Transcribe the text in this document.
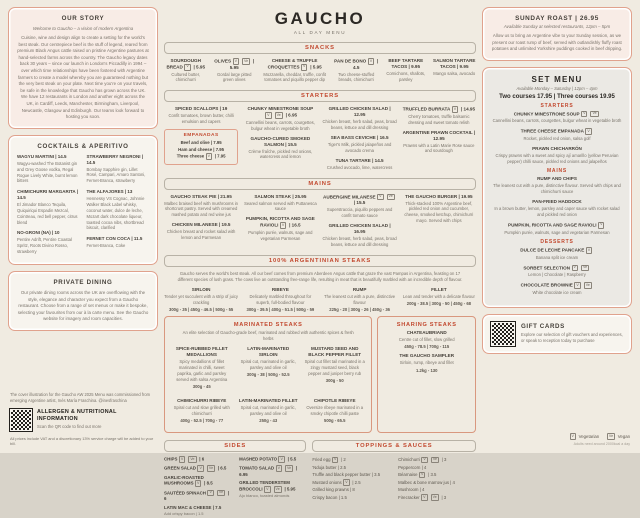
OUR STORY
Welcome to Gaucho – a vision of modern Argentina
Cuisine, wine and design align to create a setting for the world's best steak. Our centrepiece beef is the stuff of legend, reared from premium Black Angus cattle raised on pristine Argentine pastures at hand-selected farms across the country. The Gaucho legacy dates back 30 years – since our launch in London's Piccadilly in 1994 – over which time relationships have been fostered with Argentine farmers to create a model whereby you are guaranteed nothing but the very best steak on your plate. Next time you're on your travels, be safe in the knowledge that Gaucho has grown across the UK. We have 12 restaurants in London and another eight across the UK, in Cardiff, Leeds, Manchester, Birmingham, Liverpool, Newcastle, Glasgow and Edinburgh. Our teams look forward to hosting you soon.
COCKTAILS & APERITIVO
WAGYU MARTINI | 14.5
Wagyu-washed The Botanist gin and Grey Goose vodka, Regal Rogue Lively White, burnt lemon bitters
CHIMICHURRI MARGARITA | 14.5
El Jimador Blanco Tequila, Quiquiriqui Espadin Mezcal, Cointreau, red bell pepper, citrus blend
NO-GRONI (NA) | 10
Pentire Adrift, Pentire Coastal Spritz, Roots Divino Rosso, strawberry
STRAWBERRY NEGRONI | 14.5
Bombay Sapphire gin, Lillet Rosé, Campari, Amaro Santoni, Fernet-Branca, strawberry
THE ALFAJORES | 13
Hennessy VS Cognac, Johnnie Walker Black Label whisky, coconut water, dulce de leche, Mozart dark chocolate liqueur, toasted cocoa nibs, shortbread biscuit, clarified
FERNET CON COCA | 11.5
Fernet-Branca, Coke
PRIVATE DINING
Our private dining rooms across the UK are overflowing with the style, elegance and character you expect from a Gaucho restaurant. Choose from a range of set menus or make it bespoke, selecting your favourites from our à la carte menu. See the Gaucho website for imagery and room capacities.
The cover illustration for the Gaucho AW 2025 Menu was commissioned from emerging Argentine artist, Inés María Fraschina. @inesfraschina
ALLERGEN & NUTRITIONAL INFORMATION
Scan the QR code to find out more
All prices include VAT and a discretionary 13% service charge will be added to your bill.
GAUCHO
ALL DAY MENU
SNACKS
SOURDOUGH BREAD V | 5.95
Cultured butter, chimichurri
OLIVES V Ve | 5.95
Gordal large pitted green olives
CHEESE & TRUFFLE CROQUETTES V | 5.95
Mozzarella, cheddar, truffle, confit tomatoes and piquillo pepper dip
PAN DE BONO V | 4.5
Two cheese-stuffed breads, chimichurri
BEEF TARTARE TACOS | 9.95
Cornichons, shallots, parsley
SALMON TARTARE TACOS | 9.95
Mango salsa, avocado
STARTERS
SPICED SCALLOPS | 19
Confit tomatoes, brown butter, chilli emulsion and capers
EMPANADAS
Beef and olive | 7.95
Ham and cheese | 7.95
Three cheese V | 7.95
CHUNKY MINESTRONE SOUPV Ve | 6.95
Cannellini beans, carrots, courgettes, bulgur wheat in vegetable broth
GAUCHO-CURED SMOKED SALMON | 15.5
Crème fraîche, pickled red onions, watercress and lemon
GRILLED CHICKEN SALAD | 12.95
Chicken breast, herb salad, peas, broad beans, lettuce and dill dressing
SEA BASS CEVICHE | 16.5
Tiger's Milk, pickled jalapeños and avocado crema
TUNA TARTARE | 14.5
Crushed avocado, lime, watercress
TRUFFLED BURRATA V | 14.95
Cherry tomatoes, truffle balsamic dressing and sweet tomato relish
ARGENTINE PRAWN COCKTAIL | 12.95
Prawns with a Latin Marie Rose sauce and sourdough
MAINS
GAUCHO STEAK PIE | 21.95
Malbec braised beef with mushrooms in shortcrust pastry. Served with creamed mashed potato and red wine jus
CHICKEN MILANESE | 19.5
Chicken breast and rocket salad with lemon and Parmesan
SALMON STEAK | 25.95
Seared salmon served with Puttanesca sauce
PUMPKIN, RICOTTA AND SAGE RAVIOLI V | 16.5
Pumpkin purée, walnuts, sage and vegetarian Parmesan
AUBERGINE MILANESE V Ve | 15.5
Superstraccia, piquillo peppers and confit tomato sauce
GRILLED CHICKEN SALAD | 16.95
Chicken breast, herb salad, peas, broad beans, lettuce and dill dressing
THE GAUCHO BURGER | 19.95
Thick-stacked 100% Argentine beef, pickled red onion and cucumber, cheese, smoked ketchup, chimichurri mayo. Served with chips
100% ARGENTINIAN STEAKS
Gaucho serves the world's best steak. All our beef comes from premium Aberdeen Angus cattle that graze the vast Pampas in Argentina, feasting on 17 different species of lush grass. The cows live an outstanding free-range life, resulting in meat that is beautifully marbled with an incredible depth of flavour.
SIRLOIN
Tender yet succulent with a strip of juicy crackling
300g - 35 | 450g - 46.5 | 500g - 55
RIBEYE
Delicately marbled throughout for superb, full-bodied flavour
300g - 39.5 | 400g - 51.5 | 500g - 59
RUMP
The leanest cut with a pure, distinctive flavour
225g - 20 | 300g - 26 | 450g - 36
FILLET
Lean and tender with a delicate flavour
200g - 38.5 | 300g - 50 | 450g - 68
MARINATED STEAKS
An elite selection of Gaucho-grade beef, marinated and rubbed with authentic spices & fresh herbs
SPICE-RUBBED FILLET MEDALLIONS
Spicy medallions of fillet marinated in chilli, sweet paprika, garlic and parsley served with salsa Argentina
300g - 45
LATIN-MARINATED SIRLOIN
Spiral cut, marinated in garlic, parsley and olive oil
300g - 38 | 500g - 52.5
MUSTARD SEED AND BLACK PEPPER FILLET
Spiral cut fillet tail marinated in a zingy mustard seed, black pepper and juniper berry rub
300g - 50
CHIMICHURRI RIBEYE
Spiral cut and slow grilled with chimichurri
400g - 52.5 | 700g - 77
LATIN-MARINATED FILLET
Spiral cut, marinated in garlic, parsley and olive oil
250g - 43
CHIPOTLE RIBEYE
Oversize ribeye marinated in a smoky chipotle chilli paste
500g - 65.5
SHARING STEAKS
CHATEAUBRIAND
Centre cut of fillet, slow grilled
450g - 78.5 | 700g - 115
THE GAUCHO SAMPLER
Sirloin, rump, ribeye and fillet
1.2kg - 130
SIDES
CHIPS V Ve | 6
GREEN SALAD V Ve | 6.5
GARLIC-ROASTED MUSHROOMS V | 8.5
SAUTÉED SPINACH V Ve | 6
LATIN MAC & CHEESE | 7.5
Add crispy bacon | 1.5
MASHED POTATO V | 5.5
TOMATO SALAD V Ve | 6.95
GRILLED TENDERSTEM BROCCOLI V Ve | 5.95
Ajo blanco, toasted almonds
TOPPINGS & SAUCES
Fried egg V | 2
'Nduja butter | 2.5
Truffle and black pepper butter | 3.5
Mustard onions V | 2.5
Grilled king prawns | 8
Crispy bacon | 1.5
Chimichurri V Ve | 3
Peppercorn | 4
Béarnaise V | 3.5
Malbec & bone marrow jus | 4
Mushroom | 4
Firecracker V Ve | 3
SUNDAY ROAST | 26.95
Available Sunday at selected restaurants, 12pm – 5pm
Allow us to bring an Argentine vibe to your Sunday session, as we present our roast rump of beef, served with outlandishly fluffy roast potatoes and unlimited Yorkshire puddings cooked in beef dripping.
SET MENU
Available Monday – Saturday | 12pm – 4pm
Two courses 17.95 | Three courses 19.95
STARTERS
CHUNKY MINESTRONE SOUP V Ve
Cannellini beans, carrots, courgettes, bulgur wheat in vegetable broth
THREE CHEESE EMPANADA V
Rocket, pickled red onion, salsa golf
PRAWN CHICHARRÓN
Crispy prawns with a sweet and spicy ají amarillo (yellow Peruvian pepper) chilli sauce, pickled red onions and jalapeños
MAINS
RUMP AND CHIPS
The leanest cut with a pure, distinctive flavour. Served with chips and chimichurri sauce
PAN-FRIED HADDOCK
In a brown butter, lemon, parsley and caper sauce with rocket salad and pickled red onion
PUMPKIN, RICOTTA AND SAGE RAVIOLI V
Pumpkin purée, walnuts, sage and vegetarian Parmesan
DESSERTS
DULCE DE LECHE PANCAKE V
Banana split ice cream
SORBET SELECTION V Ve
Lemon | Chocolate | Raspberry
CHOCOLATE BROWNIE V Ve
White chocolate ice cream
GIFT CARDS
Explore our selection of gift vouchers and experiences, or speak to reception today to purchase
V Vegetarian	Ve Vegan
Adults need around 2000kcal a day
